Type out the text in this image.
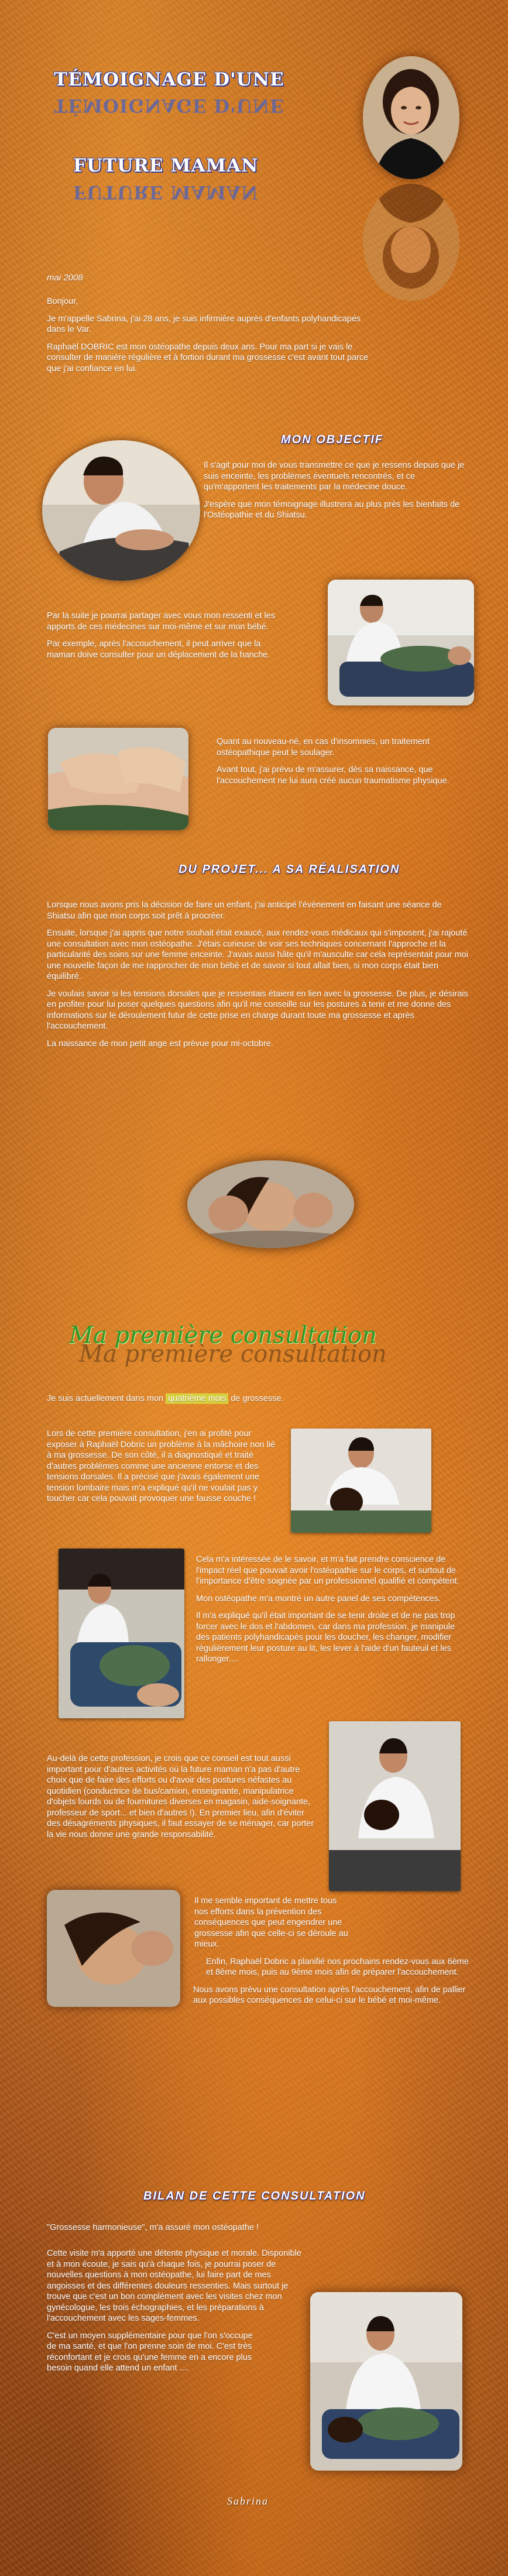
TÉMOIGNAGE D'UNE
TÉMOIGNAGE D'UNE
FUTURE MAMAN
FUTURE MAMAN
mai 2008

Bonjour,

Je m'appelle Sabrina, j'ai 28 ans, je suis infirmière auprès d'enfants polyhandicapés dans le Var.

Raphaël DOBRIC est mon ostéopathe depuis deux ans. Pour ma part si je vais le consulter de manière régulière et à fortiori durant ma grossesse c'est avant tout parce que j'ai confiance en lui.

MON OBJECTIF

Il s'agit pour moi de vous transmettre ce que je ressens depuis que je suis enceinte, les problèmes éventuels rencontrés, et ce qu'm'apportent les traitements par la médecine douce.

J'espère que mon témoignage illustrera au plus près les bienfaits de l'Ostéopathie et du Shiatsu.

Par la suite je pourrai partager avec vous mon ressenti et les apports de ces médecines sur moi-même et sur mon bébé.

Par exemple, après l'accouchement, il peut arriver que la maman doive consulter pour un déplacement de la hanche.

Quant au nouveau-né, en cas d'insomnies, un traitement ostéopathique peut le soulager.

Avant tout, j'ai prévu de m'assurer, dès sa naissance, que l'accouchement ne lui aura créé aucun traumatisme physique.

DU PROJET... A SA RÉALISATION

Lorsque nous avons pris la décision de faire un enfant, j'ai anticipé l'évènement en faisant une séance de Shiatsu afin que mon corps soit prêt à procréer.

Ensuite, lorsque j'ai appris que notre souhait était exaucé, aux rendez-vous médicaux qui s'imposent, j'ai rajouté une consultation avec mon ostéopathe. J'étais curieuse de voir ses techniques concernant l'approche et la particularité des soins sur une femme enceinte. J'avais aussi hâte qu'il m'ausculte car cela représentait pour moi une nouvelle façon de me rapprocher de mon bébé et de savoir si tout allait bien, si mon corps était bien équilibré.

Je voulais savoir si les tensions dorsales que je ressentais étaient en lien avec la grossesse. De plus, je désirais en profiter pour lui poser quelques questions afin qu'il me conseille sur les postures à tenir et me donne des informations sur le déroulement futur de cette prise en charge durant toute ma grossesse et après l'accouchement.

La naissance de mon petit ange est prévue pour mi-octobre.

Ma première consultation
Ma première consultation
Je suis actuellement dans mon quatrième mois de grossesse.

Lors de cette première consultation, j'en ai profité pour exposer à Raphaël Dobric un problème à la mâchoire non lié à ma grossesse. De son côté, il a diagnostiqué et traité d'autres problèmes comme une ancienne entorse et des tensions dorsales. Il a précisé que j'avais également une tension lombaire mais m'a expliqué qu'il ne voulait pas y toucher car cela pouvait provoquer une fausse couche !

Cela m'a intéressée de le savoir, et m'a fait prendre conscience de l'impact réel que pouvait avoir l'ostéopathie sur le corps, et surtout de l'importance d'être soignée par un professionnel qualifié et compétent.

Mon ostéopathe m'a montré un autre panel de ses compétences.

Il m'a expliqué qu'il était important de se tenir droite et de ne pas trop forcer avec le dos et l'abdomen, car dans ma profession, je manipule des patients polyhandicapés pour les doucher, les changer, modifier régulièrement leur posture au lit, les lever à l'aide d'un fauteuil et les rallonger....

Au-delà de cette profession, je crois que ce conseil est tout aussi important pour d'autres activités où la future maman n'a pas d'autre choix que de faire des efforts ou d'avoir des postures néfastes au quotidien (conductrice de bus/camion, enseignante, manipulatrice d'objets lourds ou de fournitures diverses en magasin, aide-soignante, professeur de sport... et bien d'autres !). En premier lieu, afin d'éviter des désagréments physiques, il faut essayer de se ménager, car porter la vie nous donne une grande responsabilité.

Il me semble important de mettre tous nos efforts dans la prévention des conséquences que peut engendrer une grossesse afin que celle-ci se déroule au mieux.

Enfin, Raphaël Dobric a planifié nos prochains rendez-vous aux 6ème et 8ème mois, puis au 9ème mois afin de préparer l'accouchement.

Nous avons prévu une consultation après l'accouchement, afin de pallier aux possibles conséquences de celui-ci sur le bébé et moi-même.

BILAN DE CETTE CONSULTATION
"Grossesse harmonieuse", m'a assuré mon ostéopathe !

Cette visite m'a apporté une détente physique et morale. Disponible et à mon écoute, je sais qu'à chaque fois, je pourrai poser de nouvelles questions à mon ostéopathe, lui faire part de mes angoisses et des différentes douleurs ressenties. Mais surtout je trouve que c'est un bon complément avec les visites chez mon gynécologue, les trois échographies, et les préparations à l'accouchement avec les sages-femmes.

C'est un moyen supplémentaire pour que l'on s'occupe de ma santé, et que l'on prenne soin de moi. C'est très réconfortant et je crois qu'une femme en a encore plus besoin quand elle attend un enfant ....

Sabrina
